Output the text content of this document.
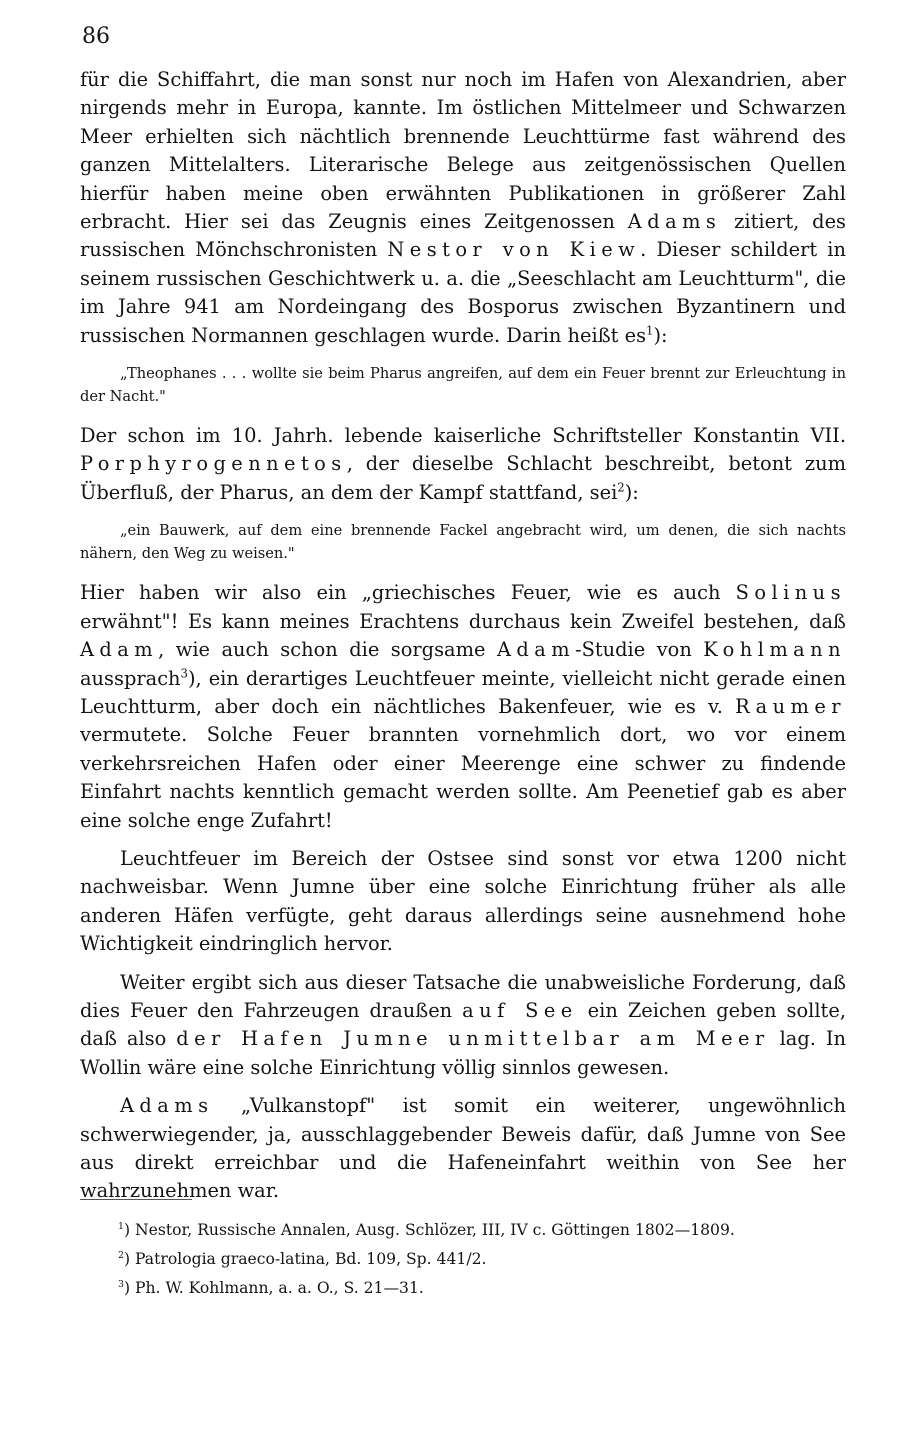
86

für die Schiffahrt, die man sonst nur noch im Hafen von Alexandrien, aber nirgends mehr in Europa, kannte. Im östlichen Mittelmeer und Schwarzen Meer erhielten sich nächtlich brennende Leuchttürme fast während des ganzen Mittelalters. Literarische Belege aus zeitgenössischen Quellen hierfür haben meine oben erwähnten Publikationen in größerer Zahl erbracht. Hier sei das Zeugnis eines Zeitgenossen Adams zitiert, des russischen Mönchschronisten Nestor von Kiew. Dieser schildert in seinem russischen Geschichtwerk u. a. die „Seeschlacht am Leuchtturm", die im Jahre 941 am Nordeingang des Bosporus zwischen Byzantinern und russischen Normannen geschlagen wurde. Darin heißt $es^1$):

„Theophanes . . . wollte sie beim Pharus angreifen, auf dem ein Feuer brennt zur Erleuchtung in der Nacht."

Der schon im 10. Jahrh. lebende kaiserliche Schriftsteller Konstantin VII. Porphyrogennetos, der dieselbe Schlacht beschreibt, betont zum Überfluß, der Pharus, an dem der Kampf stattfand, sei$^2$):

„ein Bauwerk, auf dem eine brennende Fackel angebracht wird, um denen, die sich nachts nähern, den Weg zu weisen."

Hier haben wir also ein „griechisches Feuer, wie es auch Solinus erwähnt"! Es kann meines Erachtens durchaus kein Zweifel bestehen, daß Adam, wie auch schon die sorgsame Adam-Studie von Kohlmann aussprach$^3$), ein derartiges Leuchtfeuer meinte, vielleicht nicht gerade einen Leuchtturm, aber doch ein nächtliches Bakenfeuer, wie es v. Raumer vermutete. Solche Feuer brannten vornehmlich dort, wo vor einem verkehrsreichen Hafen oder einer Meerenge eine schwer zu findende Einfahrt nachts kenntlich gemacht werden sollte. Am Peenetief gab es aber eine solche enge Zufahrt!

Leuchtfeuer im Bereich der Ostsee sind sonst vor etwa 1200 nicht nachweisbar. Wenn Jumne über eine solche Einrichtung früher als alle anderen Häfen verfügte, geht daraus allerdings seine ausnehmend hohe Wichtigkeit eindringlich hervor.

Weiter ergibt sich aus dieser Tatsache die unabweisliche Forderung, daß dies Feuer den Fahrzeugen draußen auf See ein Zeichen geben sollte, daß also der Hafen Jumne unmittelbar am Meer lag. In Wollin wäre eine solche Einrichtung völlig sinnlos gewesen.

Adams „Vulkanstopf" ist somit ein weiterer, ungewöhnlich schwerwiegender, ja, ausschlaggebender Beweis dafür, daß Jumne von See aus direkt erreichbar und die Hafeneinfahrt weithin von See her wahrzunehmen war.

$^1$) Nestor, Russische Annalen, Ausg. Schlözer, III, IV c. Göttingen 1802—1809.

$^2$) Patrologia graeco-latina, Bd. 109, Sp. 441/2.

$^3$) Ph. W. Kohlmann, a. a. O., S. 21—31.
